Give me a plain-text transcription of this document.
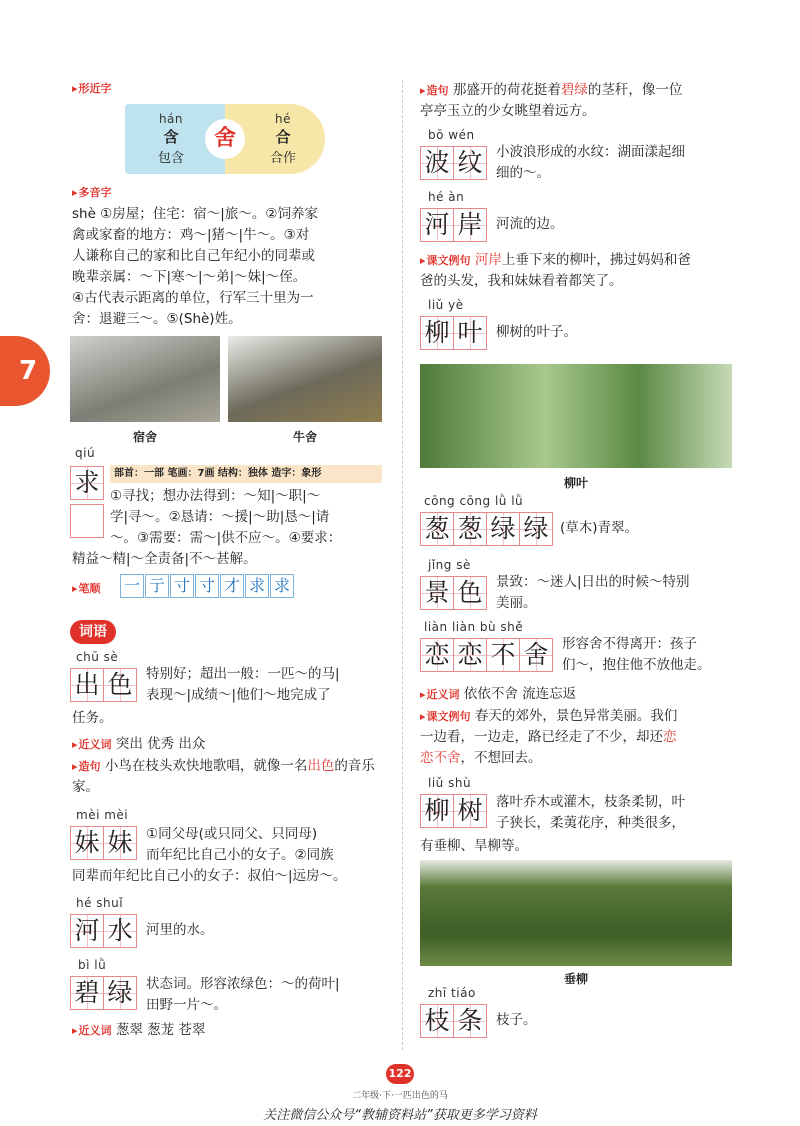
7
▸ 形近字
hán
含
包含
hé
合
合作
舍
▸ 多音字
shè ①房屋；住宅：宿～|旅～。②饲养家
禽或家畜的地方：鸡～|猪～|牛～。③对
人谦称自己的家和比自己年纪小的同辈或
晚辈亲属：～下|寒～|～弟|～妹|～侄。
④古代表示距离的单位，行军三十里为一
舍：退避三～。⑤(Shè)姓。
宿舍	牛舍
qiú
求	部首：一部 笔画：7画 结构：独体 造字：象形
①寻找；想办法得到：～知|～职|～
学|寻～。②恳请：～援|～助|恳～|请
～。③需要：需～|供不应～。④要求：
精益～精|～全责备|不～甚解。
▸ 笔顺 一 亍 寸 寸 才 求 求
词语
chū sè
出 色	特别好；超出一般：一匹～的马|
表现～|成绩～|他们～地完成了
任务。
▸ 近义词 突出 优秀 出众
▸ 造句 小鸟在枝头欢快地歌唱，就像一名出色的音乐家。
mèi mèi
妹 妹	①同父母(或只同父、只同母)
而年纪比自己小的女子。②同族
同辈而年纪比自己小的女子：叔伯～|远房～。
hé shuǐ
河 水	河里的水。
bì lǜ
碧 绿	状态词。形容浓绿色：～的荷叶|
田野一片～。
▸ 近义词 葱翠 葱茏 苍翠
▸ 造句 那盛开的荷花挺着碧绿的茎秆，像一位
亭亭玉立的少女眺望着远方。
bō wén
波 纹	小波浪形成的水纹：湖面漾起细
细的～。
hé àn
河 岸	河流的边。
▸ 课文例句 河岸上垂下来的柳叶，拂过妈妈和爸
爸的头发，我和妹妹看着都笑了。
liǔ yè
柳 叶	柳树的叶子。
柳叶
cōng cōng lǜ lǜ
葱 葱 绿 绿 (草木)青翠。
jǐng sè
景 色	景致：～迷人|日出的时候～特别
美丽。
liàn liàn bù shě
恋 恋 不 舍	形容舍不得离开：孩子
们～，抱住他不放他走。
▸ 近义词 依依不舍 流连忘返
▸ 课文例句 春天的郊外，景色异常美丽。我们
一边看，一边走，路已经走了不少，却还恋
恋不舍，不想回去。
liǔ shù
柳 树	落叶乔木或灌木，枝条柔韧，叶
子狭长，柔荑花序，种类很多，
有垂柳、旱柳等。
垂柳
zhī tiáo
枝 条	枝子。
122
二年级·下·一匹出色的马
关注微信公众号“教辅资料站”获取更多学习资料
